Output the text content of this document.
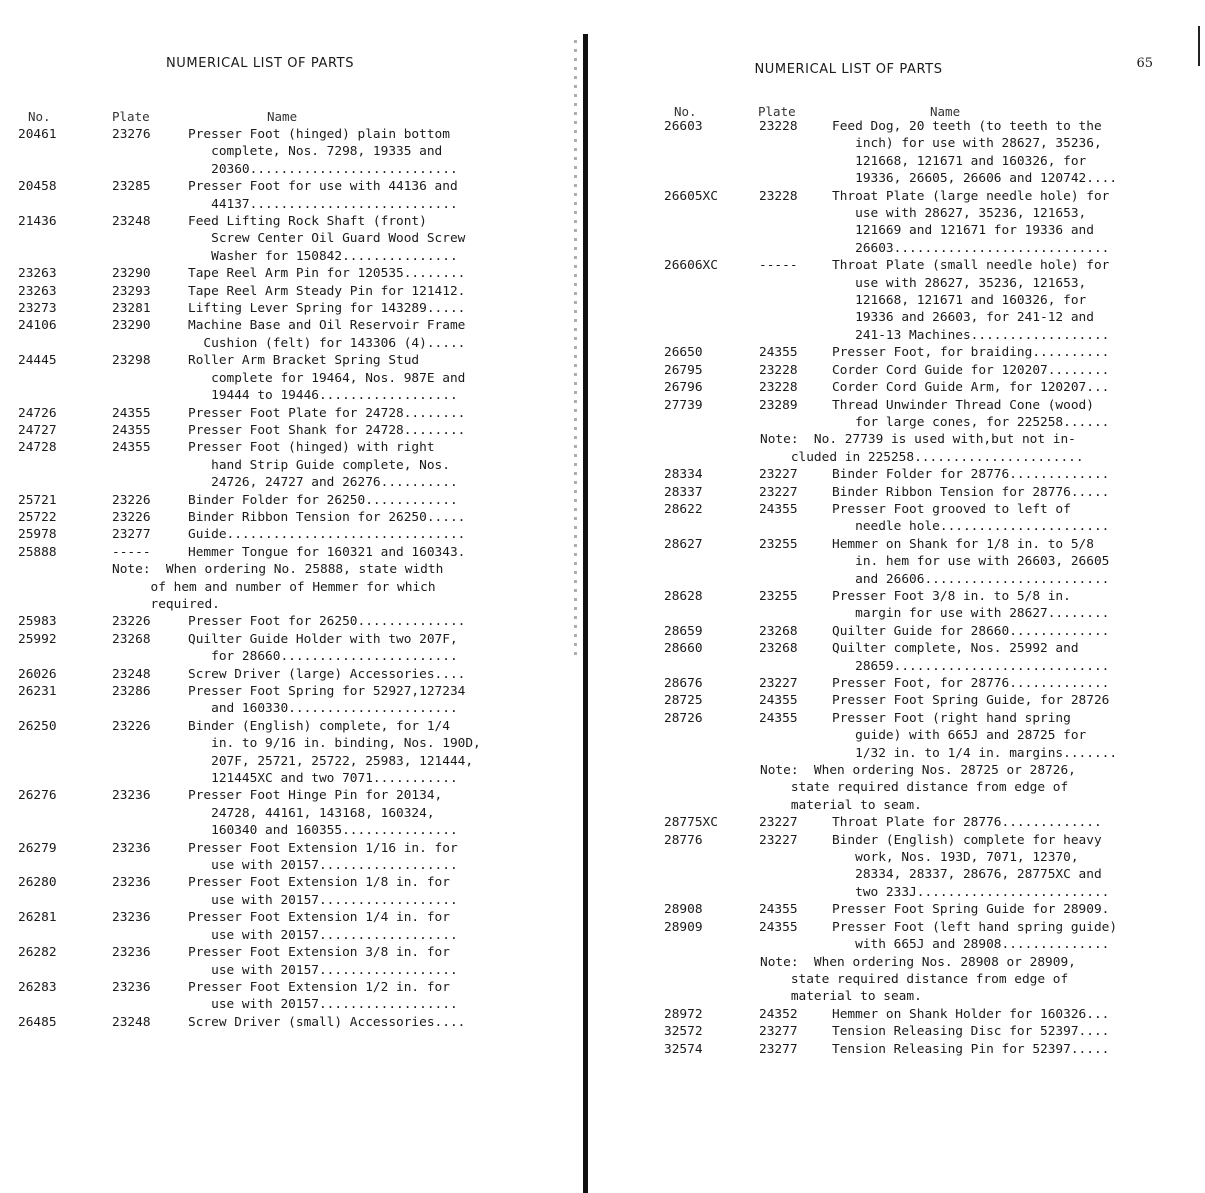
NUMERICAL LIST OF PARTS
No.	Plate	Name
20461	23276	Presser Foot (hinged) plain bottom
complete, Nos. 7298, 19335 and
20360...........................
20458	23285	Presser Foot for use with 44136 and
44137...........................
21436	23248	Feed Lifting Rock Shaft (front)
Screw Center Oil Guard Wood Screw
Washer for 150842...............
23263	23290	Tape Reel Arm Pin for 120535........
23263	23293	Tape Reel Arm Steady Pin for 121412.
23273	23281	Lifting Lever Spring for 143289.....
24106	23290	Machine Base and Oil Reservoir Frame
Cushion (felt) for 143306 (4).....
24445	23298	Roller Arm Bracket Spring Stud
complete for 19464, Nos. 987E and
19444 to 19446..................
24726	24355	Presser Foot Plate for 24728........
24727	24355	Presser Foot Shank for 24728........
24728	24355	Presser Foot (hinged) with right
hand Strip Guide complete, Nos.
24726, 24727 and 26276..........
25721	23226	Binder Folder for 26250............
25722	23226	Binder Ribbon Tension for 26250.....
25978	23277	Guide...............................
25888	-----	Hemmer Tongue for 160321 and 160343.
Note:  When ordering No. 25888, state width
of hem and number of Hemmer for which
required.
25983	23226	Presser Foot for 26250..............
25992	23268	Quilter Guide Holder with two 207F,
for 28660.......................
26026	23248	Screw Driver (large) Accessories....
26231	23286	Presser Foot Spring for 52927,127234
and 160330......................
26250	23226	Binder (English) complete, for 1/4
in. to 9/16 in. binding, Nos. 190D,
207F, 25721, 25722, 25983, 121444,
121445XC and two 7071...........
26276	23236	Presser Foot Hinge Pin for 20134,
24728, 44161, 143168, 160324,
160340 and 160355...............
26279	23236	Presser Foot Extension 1/16 in. for
use with 20157..................
26280	23236	Presser Foot Extension 1/8 in. for
use with 20157..................
26281	23236	Presser Foot Extension 1/4 in. for
use with 20157..................
26282	23236	Presser Foot Extension 3/8 in. for
use with 20157..................
26283	23236	Presser Foot Extension 1/2 in. for
use with 20157..................
26485	23248	Screw Driver (small) Accessories....
NUMERICAL LIST OF PARTS	65
No.	Plate	Name
26603	23228	Feed Dog, 20 teeth (to teeth to the
inch) for use with 28627, 35236,
121668, 121671 and 160326, for
19336, 26605, 26606 and 120742....
26605XC	23228	Throat Plate (large needle hole) for
use with 28627, 35236, 121653,
121669 and 121671 for 19336 and
26603............................
26606XC	-----	Throat Plate (small needle hole) for
use with 28627, 35236, 121653,
121668, 121671 and 160326, for
19336 and 26603, for 241-12 and
241-13 Machines..................
26650	24355	Presser Foot, for braiding..........
26795	23228	Corder Cord Guide for 120207........
26796	23228	Corder Cord Guide Arm, for 120207...
27739	23289	Thread Unwinder Thread Cone (wood)
for large cones, for 225258......
Note:  No. 27739 is used with,but not in-
cluded in 225258......................
28334	23227	Binder Folder for 28776.............
28337	23227	Binder Ribbon Tension for 28776.....
28622	24355	Presser Foot grooved to left of
needle hole......................
28627	23255	Hemmer on Shank for 1/8 in. to 5/8
in. hem for use with 26603, 26605
and 26606........................
28628	23255	Presser Foot 3/8 in. to 5/8 in.
margin for use with 28627........
28659	23268	Quilter Guide for 28660.............
28660	23268	Quilter complete, Nos. 25992 and
28659............................
28676	23227	Presser Foot, for 28776.............
28725	24355	Presser Foot Spring Guide, for 28726
28726	24355	Presser Foot (right hand spring
guide) with 665J and 28725 for
1/32 in. to 1/4 in. margins.......
Note:  When ordering Nos. 28725 or 28726,
state required distance from edge of
material to seam.
28775XC	23227	Throat Plate for 28776.............
28776	23227	Binder (English) complete for heavy
work, Nos. 193D, 7071, 12370,
28334, 28337, 28676, 28775XC and
two 233J.........................
28908	24355	Presser Foot Spring Guide for 28909.
28909	24355	Presser Foot (left hand spring guide)
with 665J and 28908..............
Note:  When ordering Nos. 28908 or 28909,
state required distance from edge of
material to seam.
28972	24352	Hemmer on Shank Holder for 160326...
32572	23277	Tension Releasing Disc for 52397....
32574	23277	Tension Releasing Pin for 52397.....
